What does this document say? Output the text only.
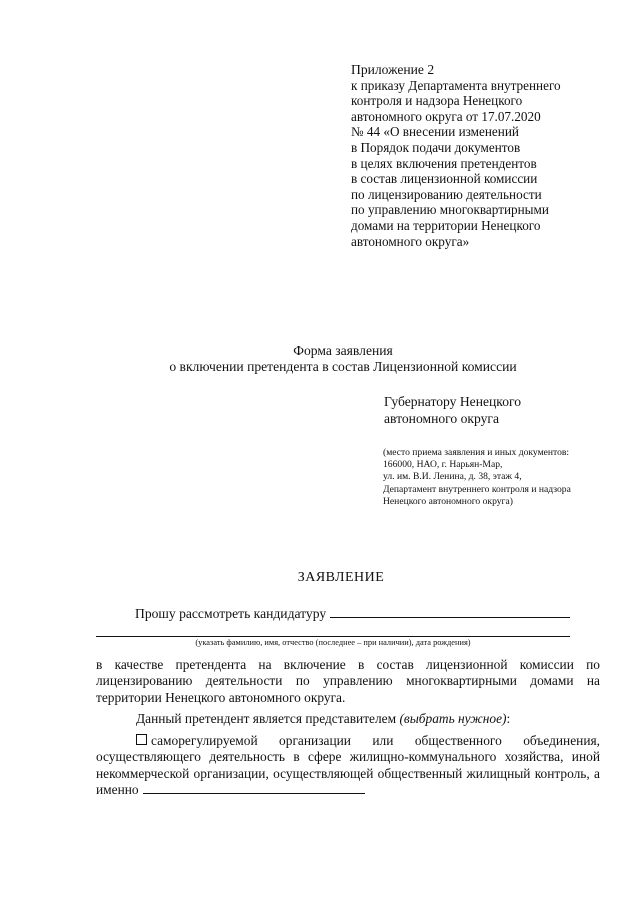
Приложение 2
к приказу Департамента внутреннего
контроля и надзора Ненецкого
автономного округа от 17.07.2020
№ 44 «О внесении изменений
в Порядок подачи документов
в целях включения претендентов
в состав лицензионной комиссии
по лицензированию деятельности
по управлению многоквартирными
домами на территории Ненецкого
автономного округа»
Форма заявления
о включении претендента в состав Лицензионной комиссии
Губернатору Ненецкого
автономного округа
(место приема заявления и иных документов:
166000, НАО, г. Нарьян-Мар,
ул. им. В.И. Ленина, д. 38, этаж 4,
Департамент внутреннего контроля и надзора
Ненецкого автономного округа)
ЗАЯВЛЕНИЕ
Прошу рассмотреть кандидатуру
(указать фамилию, имя, отчество (последнее – при наличии), дата рождения)
в качестве претендента на включение в состав лицензионной комиссии по лицензированию деятельности по управлению многоквартирными домами на территории Ненецкого автономного округа.
Данный претендент является представителем (выбрать нужное):
саморегулируемой организации или общественного объединения, осуществляющего деятельность в сфере жилищно-коммунального хозяйства, иной некоммерческой организации, осуществляющей общественный жилищный контроль, а именно
